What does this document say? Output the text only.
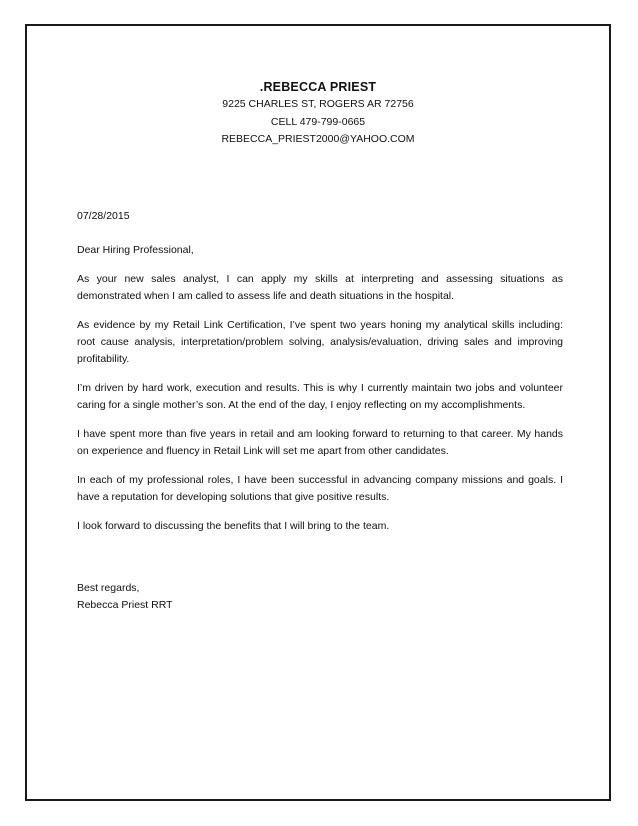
.REBECCA PRIEST
9225 CHARLES ST, ROGERS AR 72756
CELL 479-799-0665
REBECCA_PRIEST2000@YAHOO.COM

07/28/2015

Dear Hiring Professional,

As your new sales analyst, I can apply my skills at interpreting and assessing situations as demonstrated when I am called to assess life and death situations in the hospital.

As evidence by my Retail Link Certification, I’ve spent two years honing my analytical skills including: root cause analysis, interpretation/problem solving, analysis/evaluation, driving sales and improving profitability.

I’m driven by hard work, execution and results. This is why I currently maintain two jobs and volunteer caring for a single mother’s son. At the end of the day, I enjoy reflecting on my accomplishments.

I have spent more than five years in retail and am looking forward to returning to that career. My hands on experience and fluency in Retail Link will set me apart from other candidates.

In each of my professional roles, I have been successful in advancing company missions and goals. I have a reputation for developing solutions that give positive results.

I look forward to discussing the benefits that I will bring to the team.

Best regards,

Rebecca Priest RRT
